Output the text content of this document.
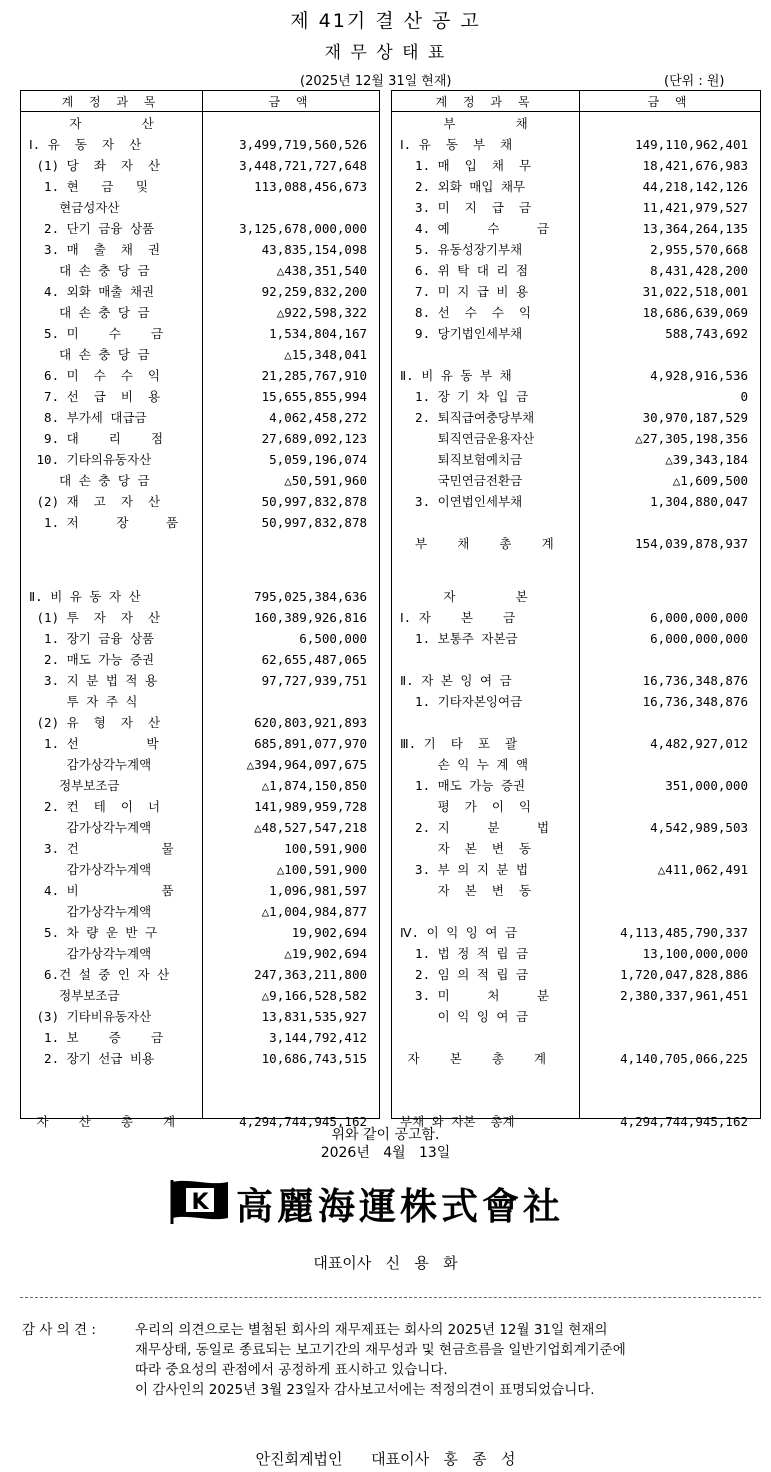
제 41기 결 산 공 고
재 무 상 태 표
(2025년 12월 31일 현재)	(단위 : 원)
계 정 과 목	금 액
자        산
Ⅰ. 유  동  자  산	3,499,719,560,526
(1) 당  좌  자  산	3,448,721,727,648
1. 현   금   및	113,088,456,673
현금성자산
2. 단기 금융 상품	3,125,678,000,000
3. 매  출  채  권	43,835,154,098
대 손 충 당 금	△438,351,540
4. 외화 매출 채권	92,259,832,200
대 손 충 당 금	△922,598,322
5. 미    수    금	1,534,804,167
대 손 충 당 금	△15,348,041
6. 미  수  수  익	21,285,767,910
7. 선  급  비  용	15,655,855,994
8. 부가세 대급금	4,062,458,272
9. 대    리    점	27,689,092,123
10. 기타의유동자산	5,059,196,074
대 손 충 당 금	△50,591,960
(2) 재  고  자  산	50,997,832,878
1. 저     장     품	50,997,832,878
Ⅱ. 비 유 동 자 산	795,025,384,636
(1) 투  자  자  산	160,389,926,816
1. 장기 금융 상품	6,500,000
2. 매도 가능 증권	62,655,487,065
3. 지 분 법 적 용	97,727,939,751
투 자 주 식
(2) 유  형  자  산	620,803,921,893
1. 선         박	685,891,077,970
감가상각누계액	△394,964,097,675
정부보조금	△1,874,150,850
2. 컨  테  이  너	141,989,959,728
감가상각누계액	△48,527,547,218
3. 건           물	100,591,900
감가상각누계액	△100,591,900
4. 비           품	1,096,981,597
감가상각누계액	△1,004,984,877
5. 차 량 운 반 구	19,902,694
감가상각누계액	△19,902,694
6.건 설 중 인 자 산	247,363,211,800
정부보조금	△9,166,528,582
(3) 기타비유동자산	13,831,535,927
1. 보    증    금	3,144,792,412
2. 장기 선급 비용	10,686,743,515
자    산    총    계	4,294,744,945,162
계 정 과 목	금 액
부        채
Ⅰ. 유  동  부  채	149,110,962,401
1. 매  입  채  무	18,421,676,983
2. 외화 매입 채무	44,218,142,126
3. 미  지  급  금	11,421,979,527
4. 예     수     금	13,364,264,135
5. 유동성장기부채	2,955,570,668
6. 위 탁 대 리 점	8,431,428,200
7. 미 지 급 비 용	31,022,518,001
8. 선  수  수  익	18,686,639,069
9. 당기법인세부채	588,743,692
Ⅱ. 비 유 동 부 채	4,928,916,536
1. 장 기 차 입 금	0
2. 퇴직급여충당부채	30,970,187,529
퇴직연금운용자산	△27,305,198,356
퇴직보험예치금	△39,343,184
국민연금전환금	△1,609,500
3. 이연법인세부채	1,304,880,047
부    채    총    계	154,039,878,937
자        본
Ⅰ. 자    본    금	6,000,000,000
1. 보통주 자본금	6,000,000,000
Ⅱ. 자 본 잉 여 금	16,736,348,876
1. 기타자본잉여금	16,736,348,876
Ⅲ. 기  타  포  괄	4,482,927,012
손 익 누 계 액
1. 매도 가능 증권	351,000,000
평  가  이  익
2. 지     분     법	4,542,989,503
자  본  변  동
3. 부 의 지 분 법	△411,062,491
자  본  변  동
Ⅳ. 이 익 잉 여 금	4,113,485,790,337
1. 법 정 적 립 금	13,100,000,000
2. 임 의 적 립 금	1,720,047,828,886
3. 미     처     분	2,380,337,961,451
이 익 잉 여 금
자    본    총    계	4,140,705,066,225
부채 와 자본  총계	4,294,744,945,162
위와 같이 공고함.
2026년   4월   13일
K 高麗海運株式會社
대표이사   신   용   화
감 사 의 견 :	우리의 의견으로는 별첨된 회사의 재무제표는 회사의 2025년 12월 31일 현재의
재무상태, 동일로 종료되는 보고기간의 재무성과 및 현금흐름을 일반기업회계기준에
따라 중요성의 관점에서 공정하게 표시하고 있습니다.
이 감사인의 2025년 3월 23일자 감사보고서에는 적정의견이 표명되었습니다.
안진회계법인      대표이사   홍   종   성
